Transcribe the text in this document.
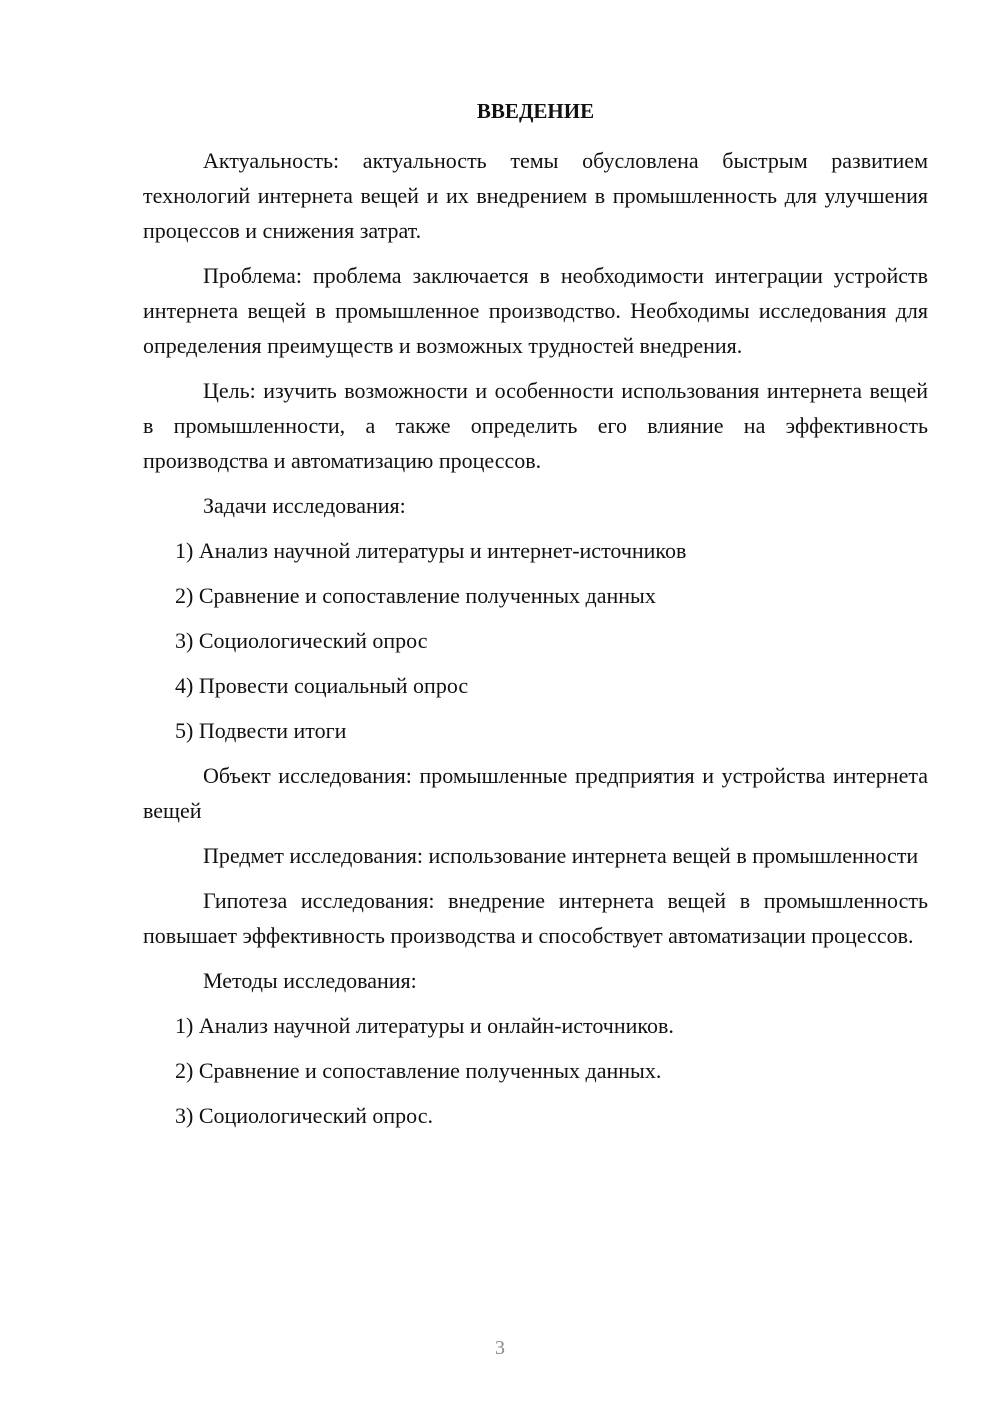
ВВЕДЕНИЕ

Актуальность: актуальность темы обусловлена быстрым развитием технологий интернета вещей и их внедрением в промышленность для улучшения процессов и снижения затрат.

Проблема: проблема заключается в необходимости интеграции устройств интернета вещей в промышленное производство. Необходимы исследования для определения преимуществ и возможных трудностей внедрения.

Цель: изучить возможности и особенности использования интернета вещей в промышленности, а также определить его влияние на эффективность производства и автоматизацию процессов.

Задачи исследования:

1) Анализ научной литературы и интернет-источников
2) Сравнение и сопоставление полученных данных
3) Социологический опрос
4) Провести социальный опрос
5) Подвести итоги

Объект исследования: промышленные предприятия и устройства интернета вещей

Предмет исследования: использование интернета вещей в промышленности

Гипотеза исследования: внедрение интернета вещей в промышленность повышает эффективность производства и способствует автоматизации процессов.

Методы исследования:

1) Анализ научной литературы и онлайн-источников.
2) Сравнение и сопоставление полученных данных.
3) Социологический опрос.
3
